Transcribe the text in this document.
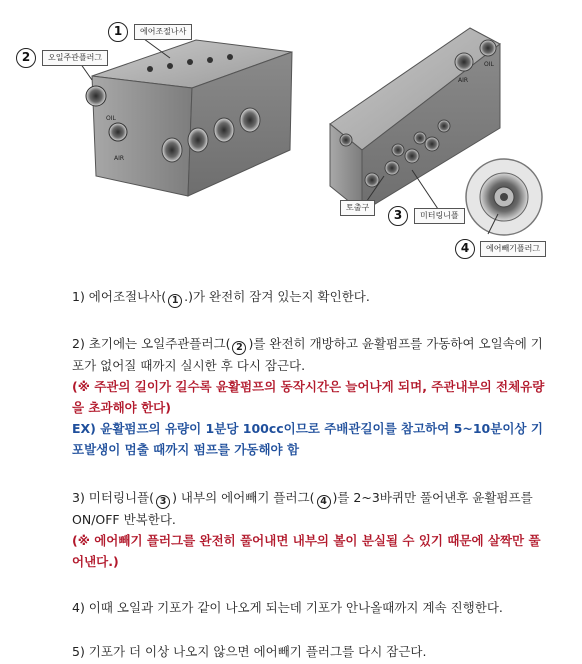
OIL
AIR
AIR
OIL
1	에어조절나사
2	오일주관플러그
토출구
3	미터링니플
4	에어빼기플러그
1) 에어조절나사( 1 .)가 완전히 잠겨 있는지 확인한다.
2) 초기에는 오일주관플러그( 2 )를 완전히 개방하고 윤활펌프를 가동하여 오일속에 기포가 없어질 때까지 실시한 후 다시 잠근다.
(※ 주관의 길이가 길수록 윤활펌프의 동작시간은 늘어나게 되며, 주관내부의 전체유량을 초과해야 한다)
EX) 윤활펌프의 유량이 1분당 100cc이므로 주배관길이를 참고하여 5~10분이상 기포발생이 멈출 때까지 펌프를 가동해야 함
3) 미터링니플( 3 ) 내부의 에어빼기 플러그( 4 )를 2~3바퀴만 풀어낸후 윤활펌프를 ON/OFF 반복한다.
(※ 에어빼기 플러그를 완전히 풀어내면 내부의 볼이 분실될 수 있기 때문에 살짝만 풀어낸다.)
4) 이때 오일과 기포가 같이 나오게 되는데 기포가 안나올때까지 계속 진행한다.
5) 기포가 더 이상 나오지 않으면 에어빼기 플러그를 다시 잠근다.
